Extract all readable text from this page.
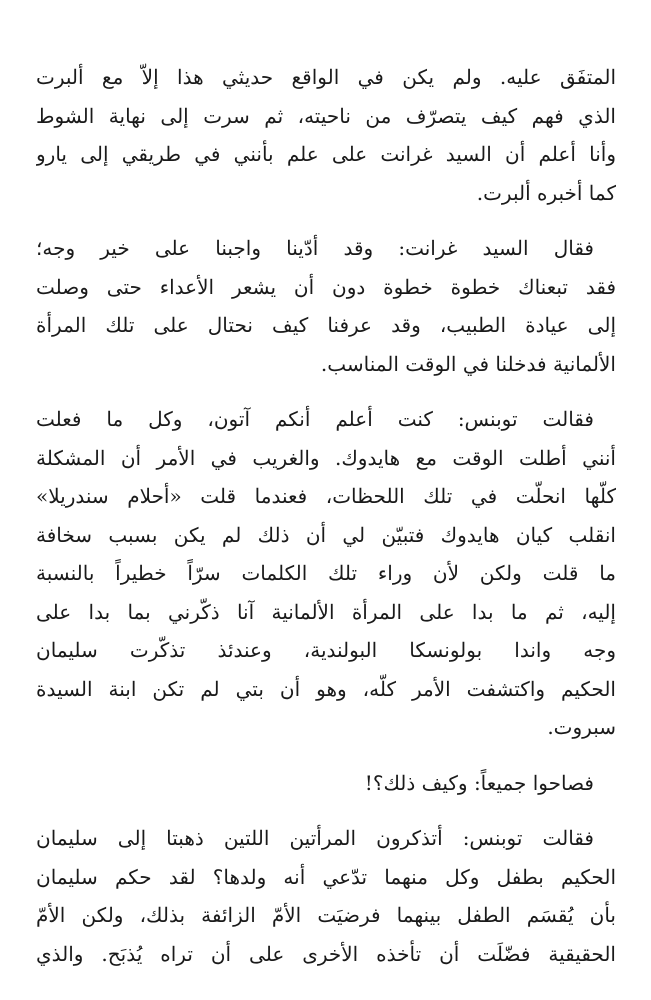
المتفَق عليه. ولم يكن في الواقع حديثي هذا إلاّ مع ألبرت
الذي فهم كيف يتصرّف من ناحيته، ثم سرت إلى نهاية الشوط
وأنا أعلم أن السيد غرانت على علم بأنني في طريقي إلى يارو
كما أخبره ألبرت.
فقال السيد غرانت: وقد أدّينا واجبنا على خير وجه؛
فقد تبعناك خطوة خطوة دون أن يشعر الأعداء حتى وصلت
إلى عيادة الطبيب، وقد عرفنا كيف نحتال على تلك المرأة
الألمانية فدخلنا في الوقت المناسب.
فقالت توبنس: كنت أعلم أنكم آتون، وكل ما فعلت
أنني أطلت الوقت مع هايدوك. والغريب في الأمر أن المشكلة
كلّها انحلّت في تلك اللحظات، فعندما قلت «أحلام سندريلا»
انقلب كيان هايدوك فتبيّن لي أن ذلك لم يكن بسبب سخافة
ما قلت ولكن لأن وراء تلك الكلمات سرّاً خطيراً بالنسبة
إليه، ثم ما بدا على المرأة الألمانية آنا ذكّرني بما بدا على
وجه واندا بولونسكا البولندية، وعندئذ تذكّرت سليمان
الحكيم واكتشفت الأمر كلّه، وهو أن بتي لم تكن ابنة السيدة
سبروت.
فصاحوا جميعاً: وكيف ذلك؟!
فقالت توبنس: أتذكرون المرأتين اللتين ذهبتا إلى سليمان
الحكيم بطفل وكل منهما تدّعي أنه ولدها؟ لقد حكم سليمان
بأن يُقسَم الطفل بينهما فرضيَت الأمّ الزائفة بذلك، ولكن الأمّ
الحقيقية فضّلَت أن تأخذه الأخرى على أن تراه يُذبَح. والذي
